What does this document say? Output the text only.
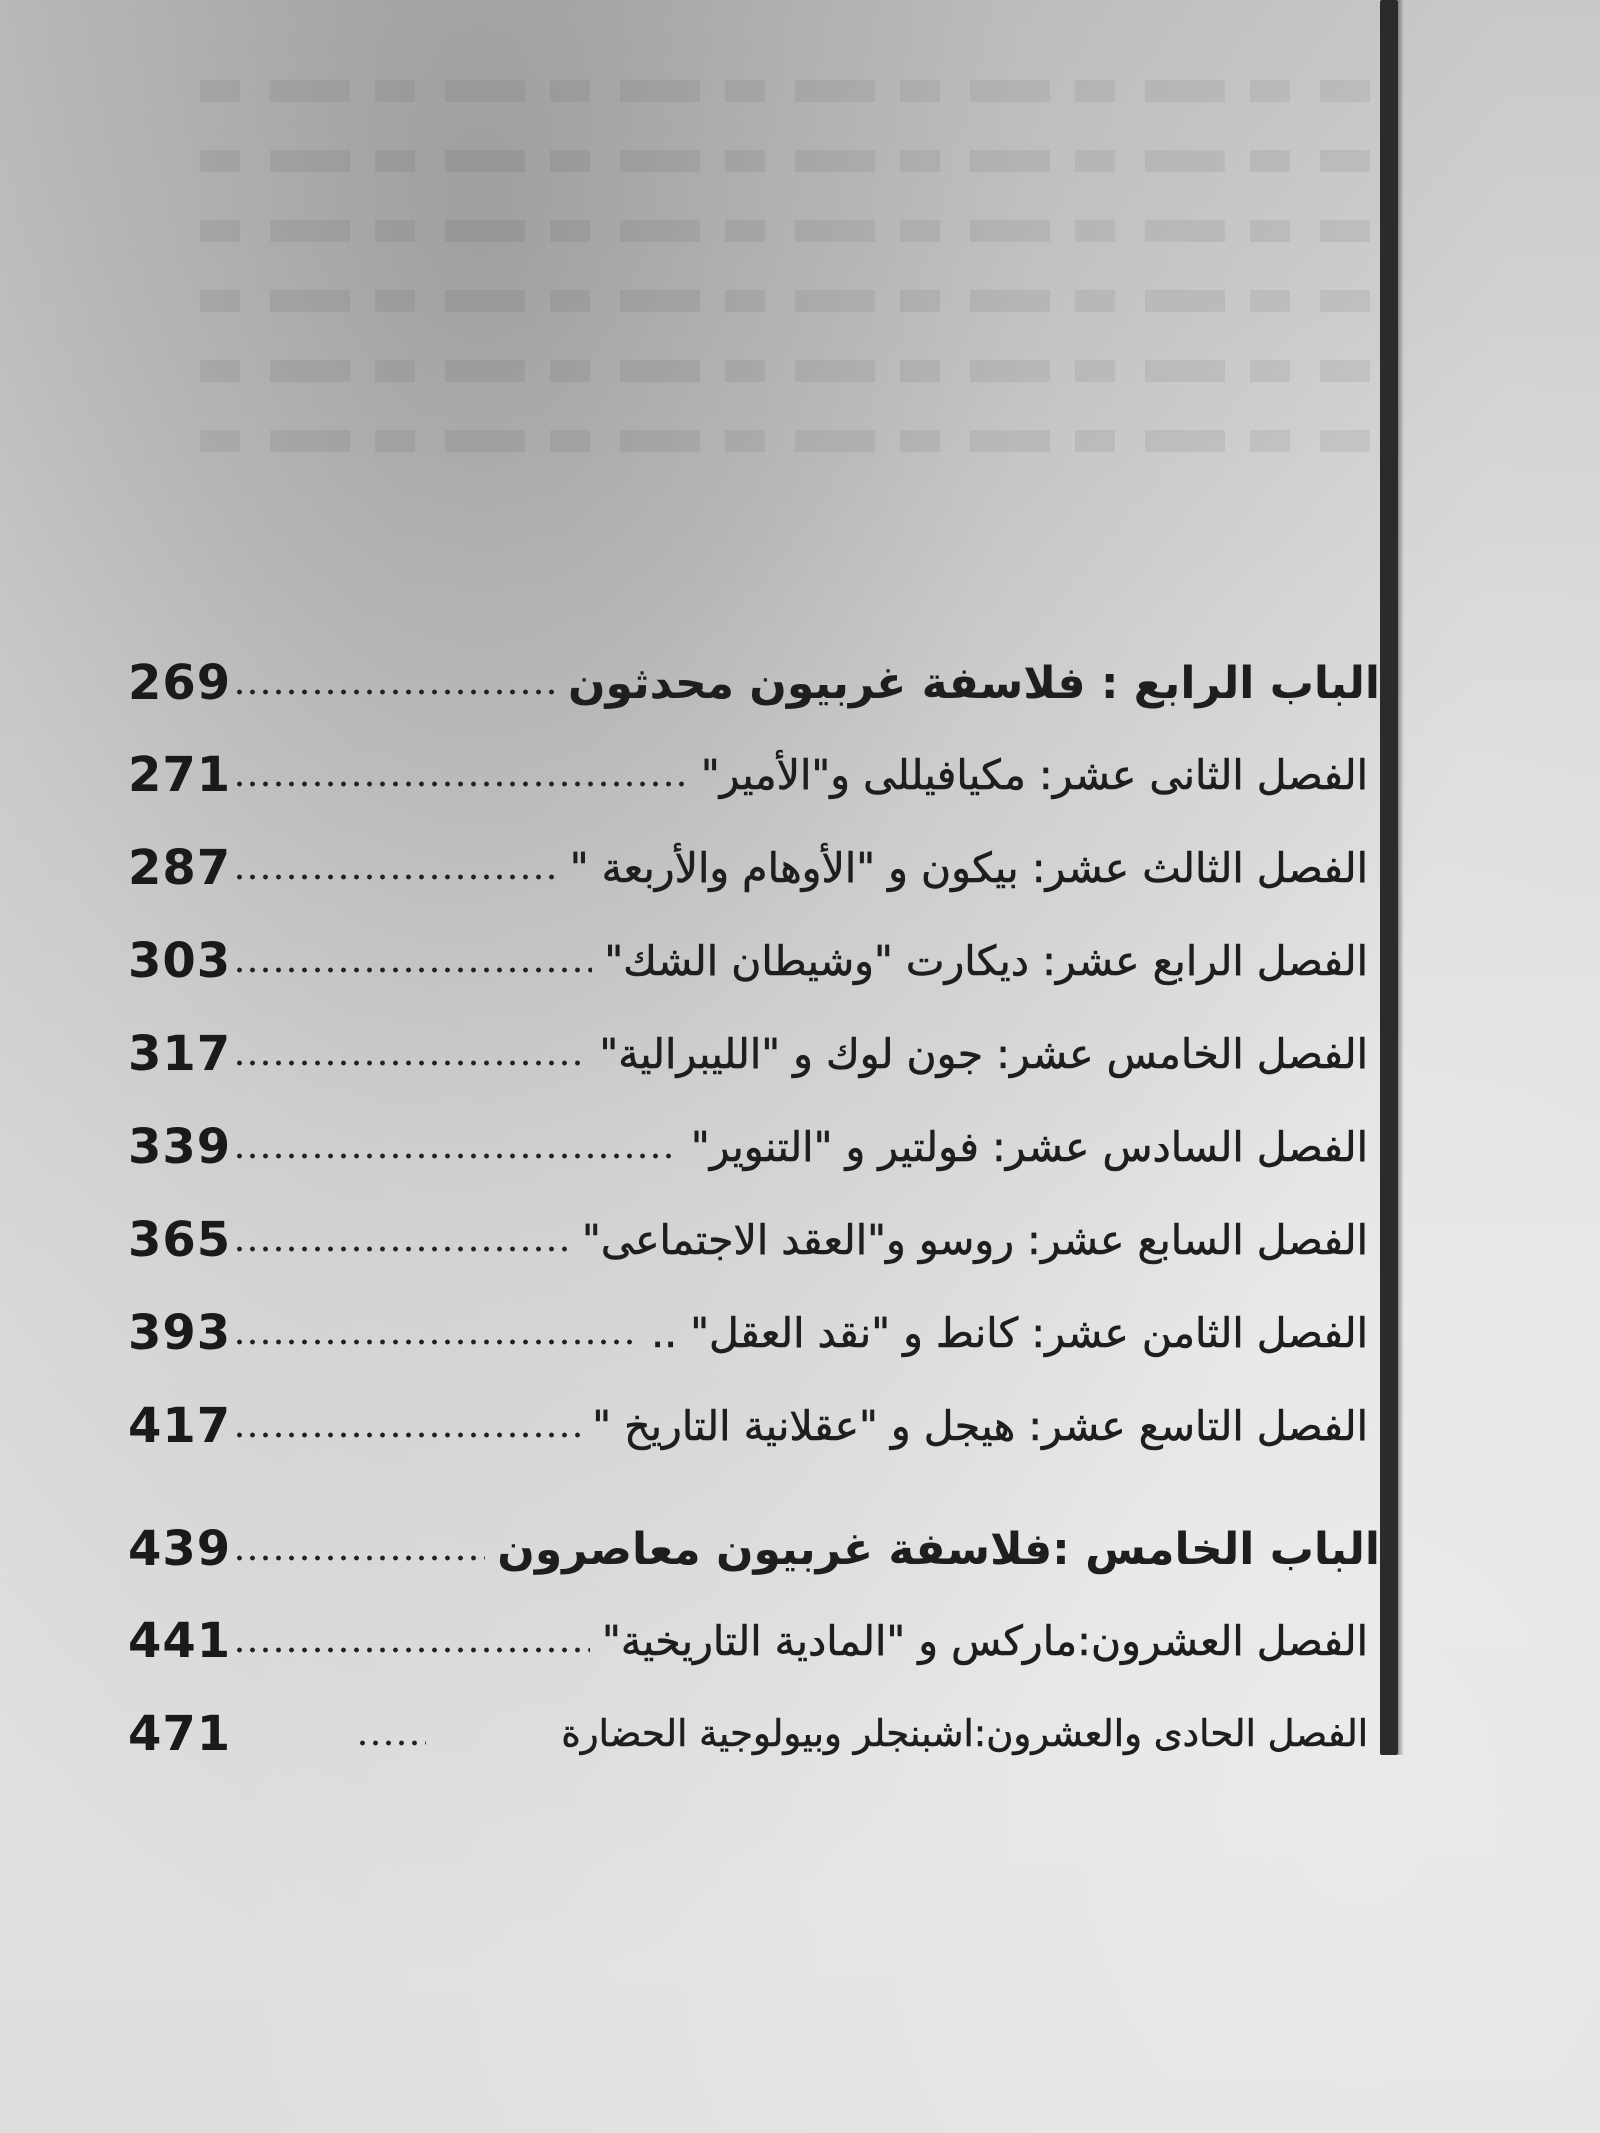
269	الباب الرابع : فلاسفة غربيون محدثون
271	الفصل الثانى عشر: مكيافيللى و"الأمير"
287	الفصل الثالث عشر: بيكون و "الأوهام والأربعة "
303	الفصل الرابع عشر: ديكارت "وشيطان الشك"
317	الفصل الخامس عشر: جون لوك و "الليبرالية"
339	الفصل السادس عشر: فولتير و "التنوير"
365	الفصل السابع عشر: روسو و"العقد الاجتماعى"
393	الفصل الثامن عشر: كانط و "نقد العقل" ..
417	الفصل التاسع عشر: هيجل و "عقلانية التاريخ "
439	الباب الخامس :فلاسفة غربيون معاصرون
441	الفصل العشرون:ماركس و "المادية التاريخية"
471	الفصل الحادى والعشرون:اشبنجلر وبيولوجية الحضارة
